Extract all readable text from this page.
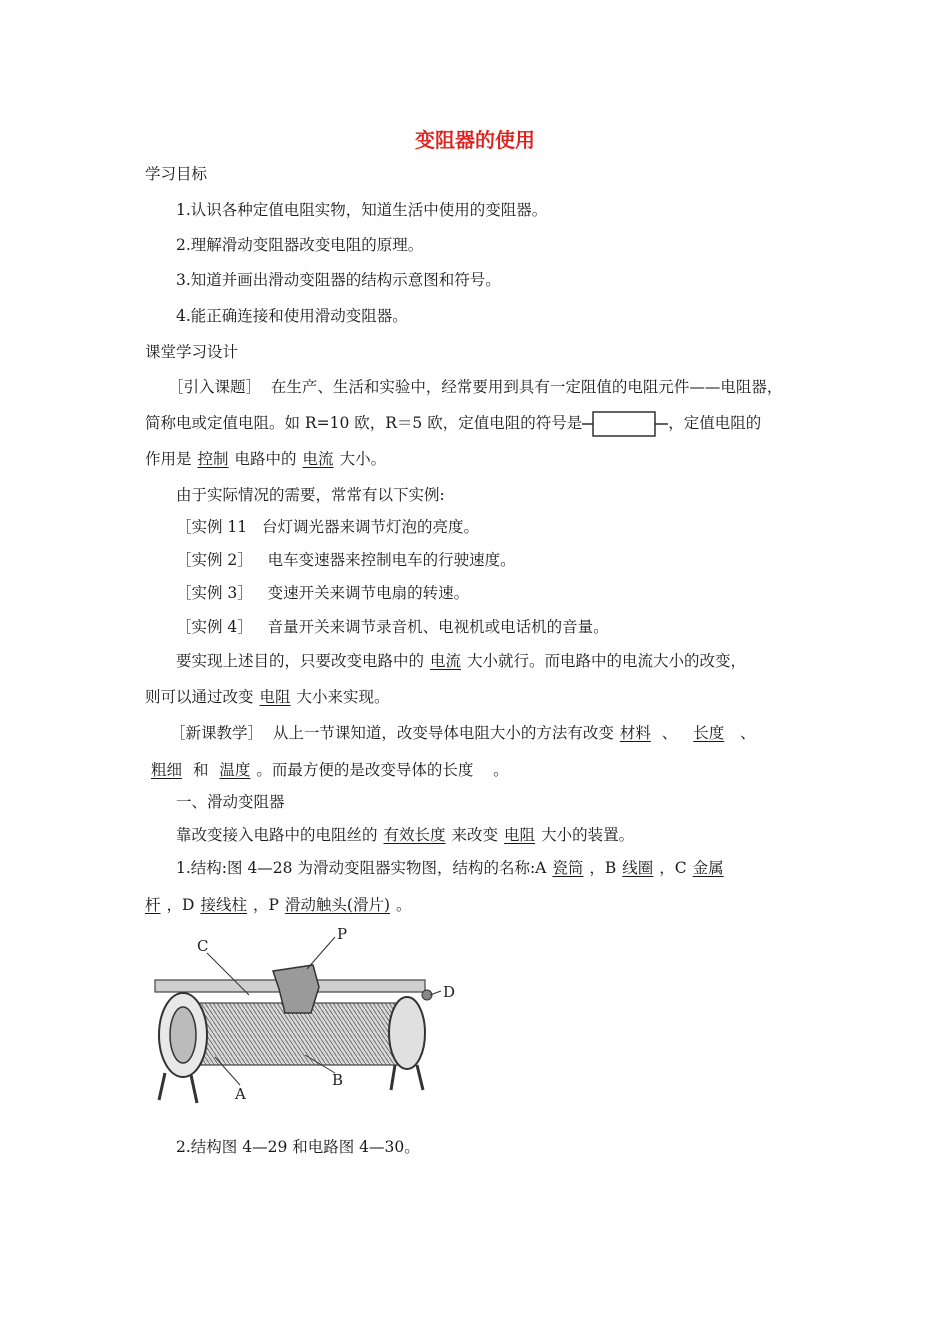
变阻器的使用
学习目标
1.认识各种定值电阻实物，知道生活中使用的变阻器。
2.理解滑动变阻器改变电阻的原理。
3.知道并画出滑动变阻器的结构示意图和符号。
4.能正确连接和使用滑动变阻器。
课堂学习设计
［引入课题］ 在生产、生活和实验中，经常要用到具有一定阻值的电阻元件——电阻器，
简称电或定值电阻。如 R=10 欧，R＝5 欧，定值电阻的符号是	，定值电阻的
作用是 控制 电路中的 电流 大小。
由于实际情况的需要，常常有以下实例:
［实例 11 台灯调光器来调节灯泡的亮度。
［实例 2］ 电车变速器来控制电车的行驶速度。
［实例 3］ 变速开关来调节电扇的转速。
［实例 4］ 音量开关来调节录音机、电视机或电话机的音量。
要实现上述目的，只要改变电路中的 电流 大小就行。而电路中的电流大小的改变，
则可以通过改变 电阻 大小来实现。
［新课教学］ 从上一节课知道，改变导体电阻大小的方法有改变 材料 、 长度 、
粗细 和 温度 。而最方便的是改变导体的长度 。
一、滑动变阻器
靠改变接入电路中的电阻丝的 有效长度 来改变 电阻 大小的装置。
1.结构:图 4—28 为滑动变阻器实物图，结构的名称:A 瓷筒 ，B 线圈 ，C 金属
杆 ，D 接线柱 ，P 滑动触头(滑片) 。
C
P
D
A
B
2.结构图 4—29 和电路图 4—30。
